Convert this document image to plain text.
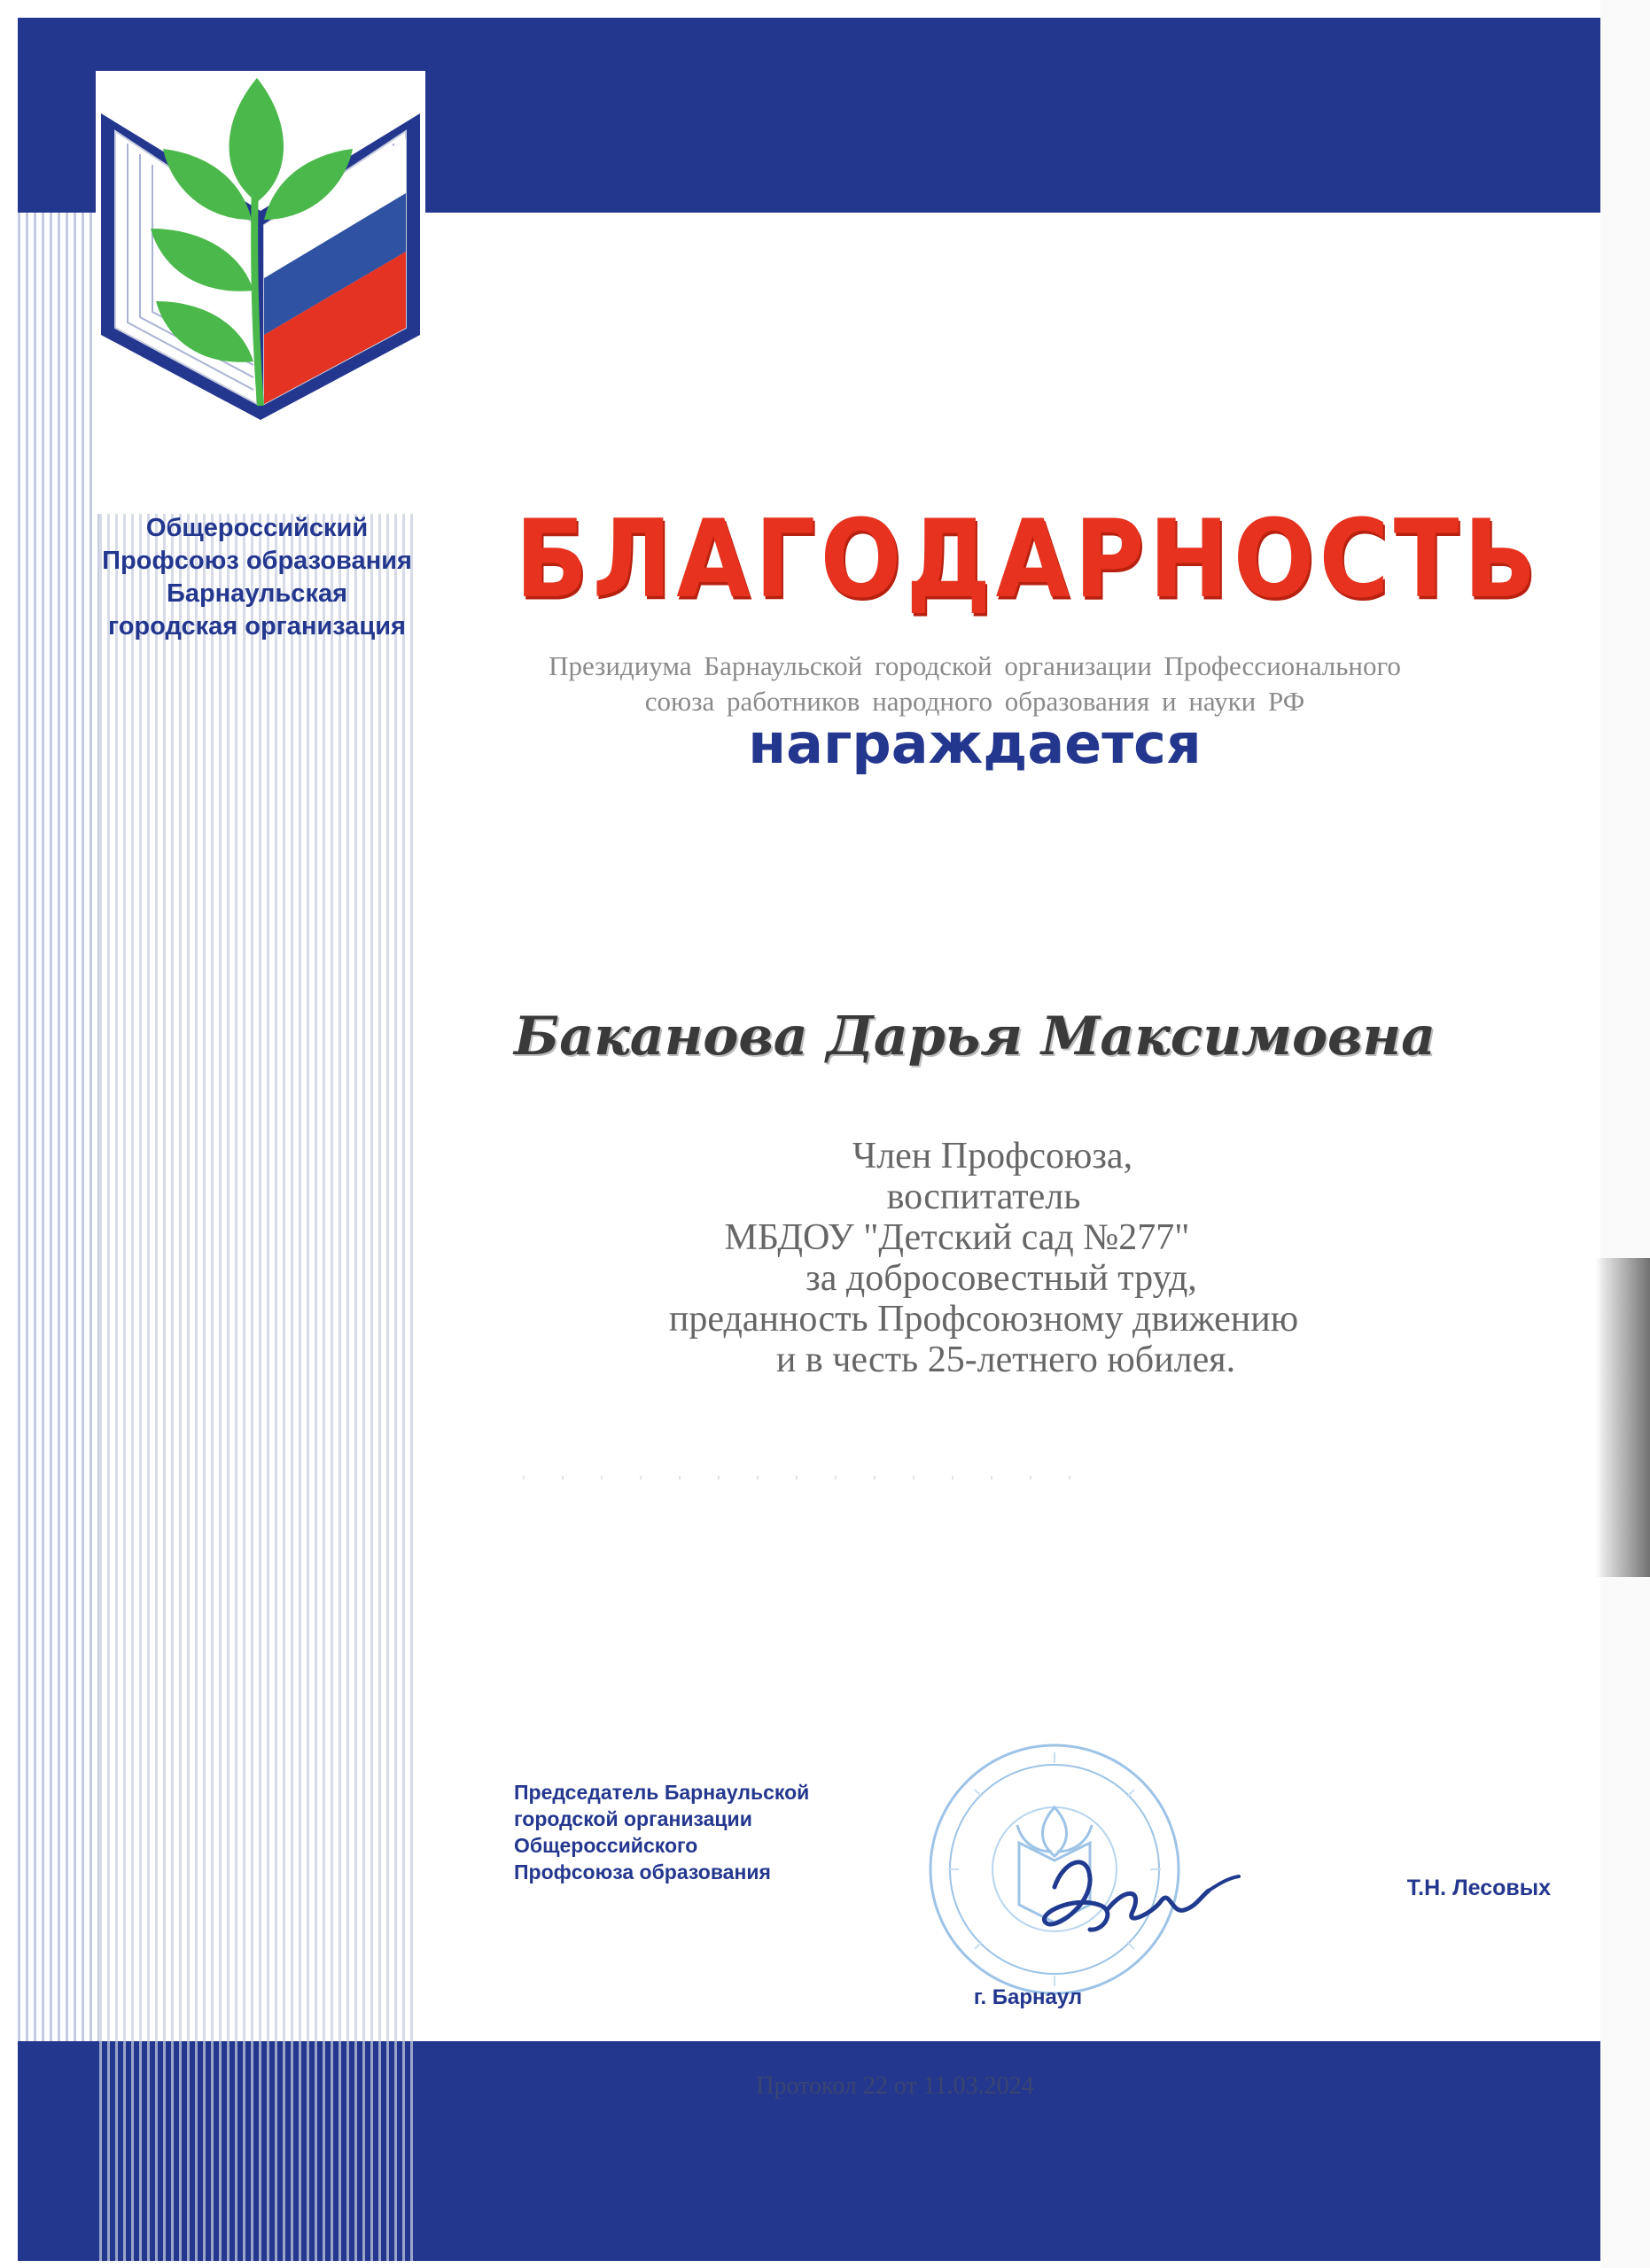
Общероссийский
Профсоюз образования
Барнаульская
городская организация
БЛАГОДАРНОСТЬ
Президиума Барнаульской городской организации Профессионального
союза работников народного образования и науки РФ
награждается
Баканова Дарья Максимовна
Член Профсоюза,
воспитатель
МБДОУ "Детский сад №277"
за добросовестный труд,
преданность Профсоюзному движению
и в честь 25-летнего юбилея.
Председатель Барнаульской
городской организации
Общероссийского
Профсоюза образования
Т.Н. Лесовых
г. Барнаул
Протокол 22 от 11.03.2024
